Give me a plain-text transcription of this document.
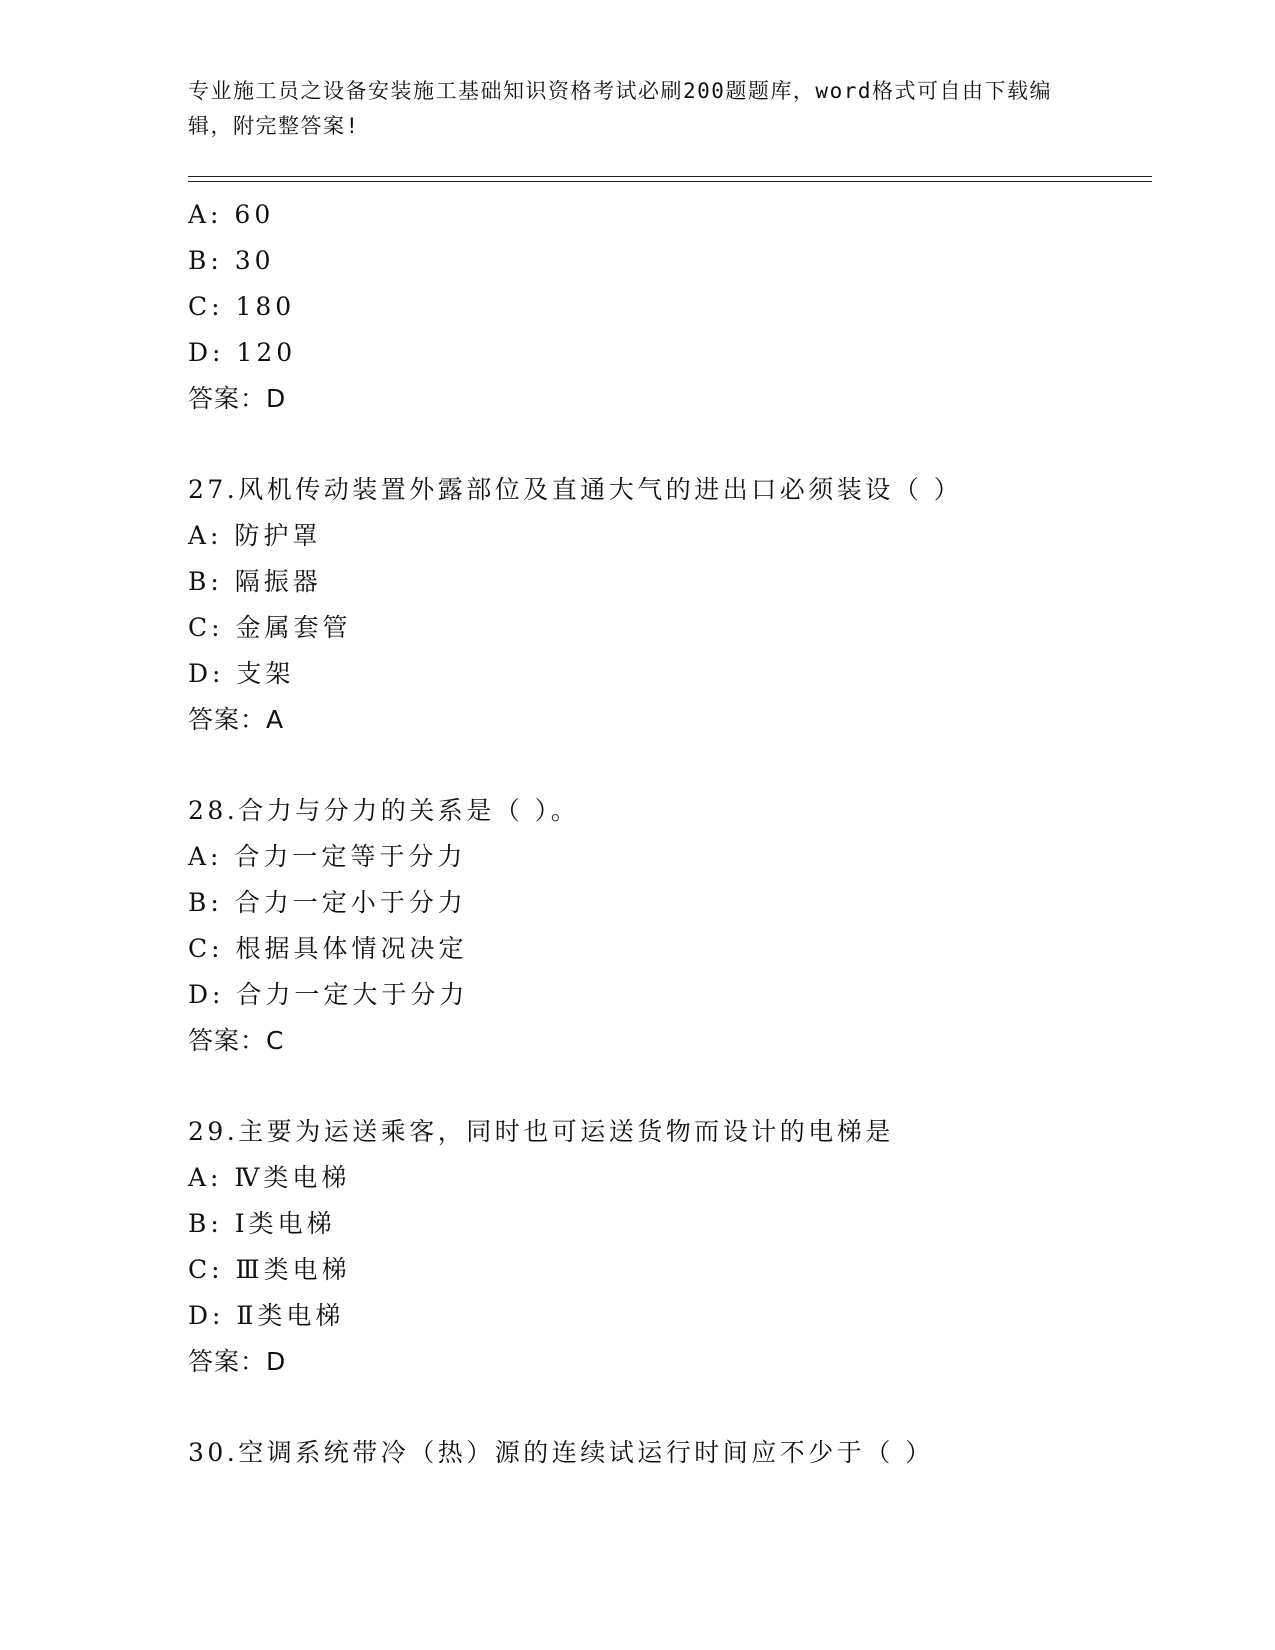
专业施工员之设备安装施工基础知识资格考试必刷200题题库，word格式可自由下载编辑，附完整答案!
A: 60
B: 30
C: 180
D: 120
答案：D
27.风机传动装置外露部位及直通大气的进出口必须装设（ ）
A: 防护罩
B: 隔振器
C: 金属套管
D: 支架
答案：A
28.合力与分力的关系是（ ）。
A: 合力一定等于分力
B: 合力一定小于分力
C: 根据具体情况决定
D: 合力一定大于分力
答案：C
29.主要为运送乘客，同时也可运送货物而设计的电梯是
A: Ⅳ类电梯
B: Ⅰ类电梯
C: Ⅲ类电梯
D: Ⅱ类电梯
答案：D
30.空调系统带冷（热）源的连续试运行时间应不少于（ ）
